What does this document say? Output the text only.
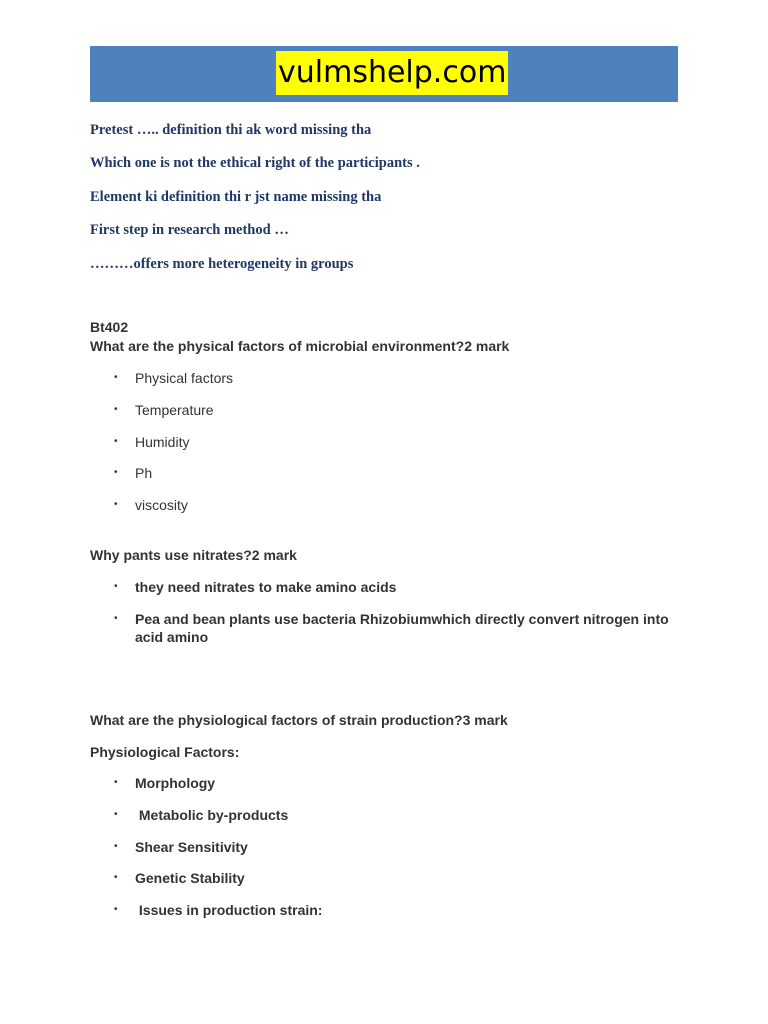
vulmshelp.com
Pretest ….. definition thi ak word missing tha
Which one is not the ethical right of the participants .
Element ki definition thi r jst name missing tha
First step in research method …
………offers more heterogeneity in groups
Bt402
What are the physical factors of microbial environment?2 mark
• Physical factors
• Temperature
• Humidity
• Ph
• viscosity
Why pants use nitrates?2 mark
• they need nitrates to make amino acids
• Pea and bean plants use bacteria Rhizobiumwhich directly convert nitrogen into acid amino
What are the physiological factors of strain production?3 mark
Physiological Factors:
• Morphology
• Metabolic by-products
• Shear Sensitivity
• Genetic Stability
• Issues in production strain:
